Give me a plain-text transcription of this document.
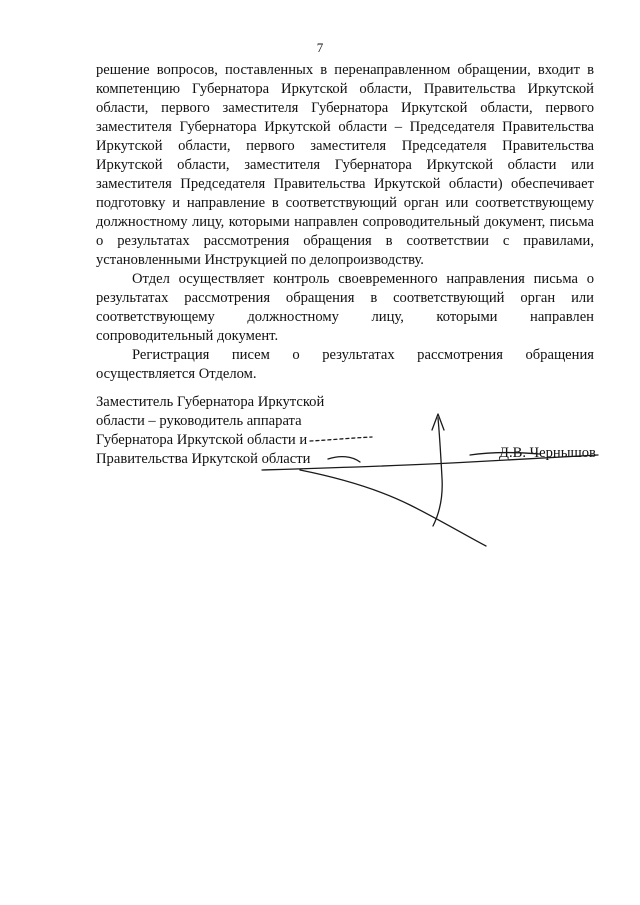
7

решение вопросов, поставленных в перенаправленном обращении, входит в компетенцию Губернатора Иркутской области, Правительства Иркутской области, первого заместителя Губернатора Иркутской области, первого заместителя Губернатора Иркутской области – Председателя Правительства Иркутской области, первого заместителя Председателя Правительства Иркутской области, заместителя Губернатора Иркутской области или заместителя Председателя Правительства Иркутской области) обеспечивает подготовку и направление в соответствующий орган или соответствующему должностному лицу, которыми направлен сопроводительный документ, письма о результатах рассмотрения обращения в соответствии с правилами, установленными Инструкцией по делопроизводству.

Отдел осуществляет контроль своевременного направления письма о результатах рассмотрения обращения в соответствующий орган или соответствующему должностному лицу, которыми направлен сопроводительный документ.

Регистрация писем о результатах рассмотрения обращения осуществляется Отделом.

Заместитель Губернатора Иркутской
области – руководитель аппарата
Губернатора Иркутской области и
Правительства Иркутской области	Д.В. Чернышов
